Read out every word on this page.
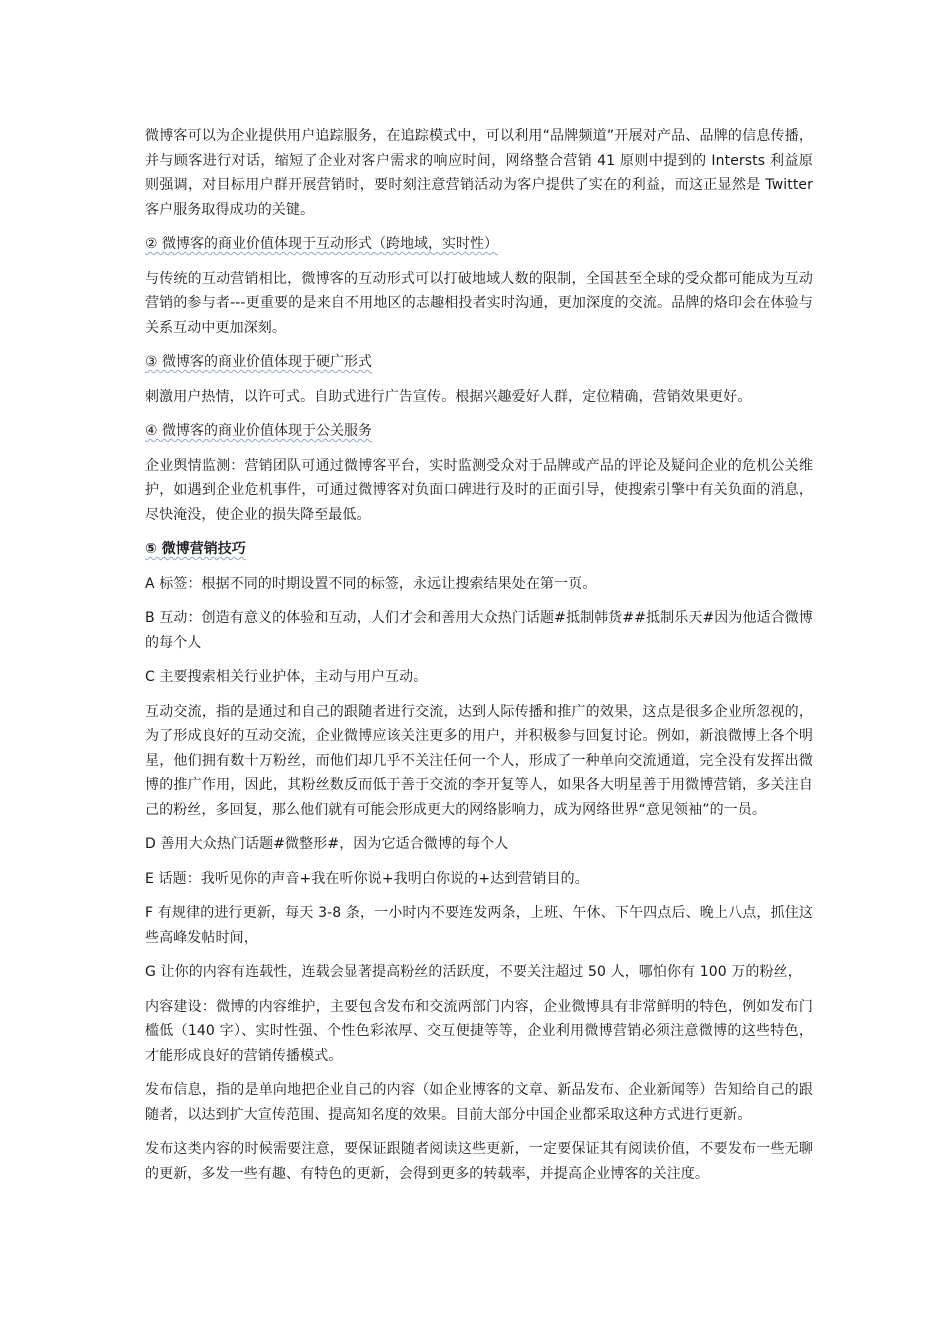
微博客可以为企业提供用户追踪服务，在追踪模式中，可以利用“品牌频道”开展对产品、品牌的信息传播，并与顾客进行对话，缩短了企业对客户需求的响应时间，网络整合营销 41 原则中提到的 Intersts 利益原则强调，对目标用户群开展营销时，要时刻注意营销活动为客户提供了实在的利益，而这正显然是 Twitter 客户服务取得成功的关键。

② 微博客的商业价值体现于互动形式（跨地域，实时性）

与传统的互动营销相比，微博客的互动形式可以打破地域人数的限制，全国甚至全球的受众都可能成为互动营销的参与者---更重要的是来自不用地区的志趣相投者实时沟通，更加深度的交流。品牌的烙印会在体验与关系互动中更加深刻。

③ 微博客的商业价值体现于硬广形式

刺激用户热情，以许可式。自助式进行广告宣传。根据兴趣爱好人群，定位精确，营销效果更好。

④ 微博客的商业价值体现于公关服务

企业舆情监测：营销团队可通过微博客平台，实时监测受众对于品牌或产品的评论及疑问企业的危机公关维护，如遇到企业危机事件，可通过微博客对负面口碑进行及时的正面引导，使搜索引擎中有关负面的消息，尽快淹没，使企业的损失降至最低。

⑤ 微博营销技巧

A 标签：根据不同的时期设置不同的标签，永远让搜索结果处在第一页。

B 互动：创造有意义的体验和互动，人们才会和善用大众热门话题#抵制韩货##抵制乐天#因为他适合微博的每个人

C 主要搜索相关行业护体，主动与用户互动。

互动交流，指的是通过和自己的跟随者进行交流，达到人际传播和推广的效果，这点是很多企业所忽视的，为了形成良好的互动交流，企业微博应该关注更多的用户，并积极参与回复讨论。例如，新浪微博上各个明星，他们拥有数十万粉丝，而他们却几乎不关注任何一个人，形成了一种单向交流通道，完全没有发挥出微博的推广作用，因此，其粉丝数反而低于善于交流的李开复等人，如果各大明星善于用微博营销，多关注自己的粉丝，多回复，那么他们就有可能会形成更大的网络影响力，成为网络世界“意见领袖”的一员。

D 善用大众热门话题#微整形#，因为它适合微博的每个人

E 话题：我听见你的声音+我在听你说+我明白你说的+达到营销目的。

F 有规律的进行更新，每天 3-8 条，一小时内不要连发两条，上班、午休、下午四点后、晚上八点，抓住这些高峰发帖时间，

G 让你的内容有连载性，连载会显著提高粉丝的活跃度，不要关注超过 50 人，哪怕你有 100 万的粉丝，

内容建设：微博的内容维护，主要包含发布和交流两部门内容，企业微博具有非常鲜明的特色，例如发布门槛低（140 字）、实时性强、个性色彩浓厚、交互便捷等等，企业利用微博营销必须注意微博的这些特色，才能形成良好的营销传播模式。

发布信息，指的是单向地把企业自己的内容（如企业博客的文章、新品发布、企业新闻等）告知给自己的跟随者，以达到扩大宣传范围、提高知名度的效果。目前大部分中国企业都采取这种方式进行更新。

发布这类内容的时候需要注意，要保证跟随者阅读这些更新，一定要保证其有阅读价值，不要发布一些无聊的更新，多发一些有趣、有特色的更新，会得到更多的转载率，并提高企业博客的关注度。
